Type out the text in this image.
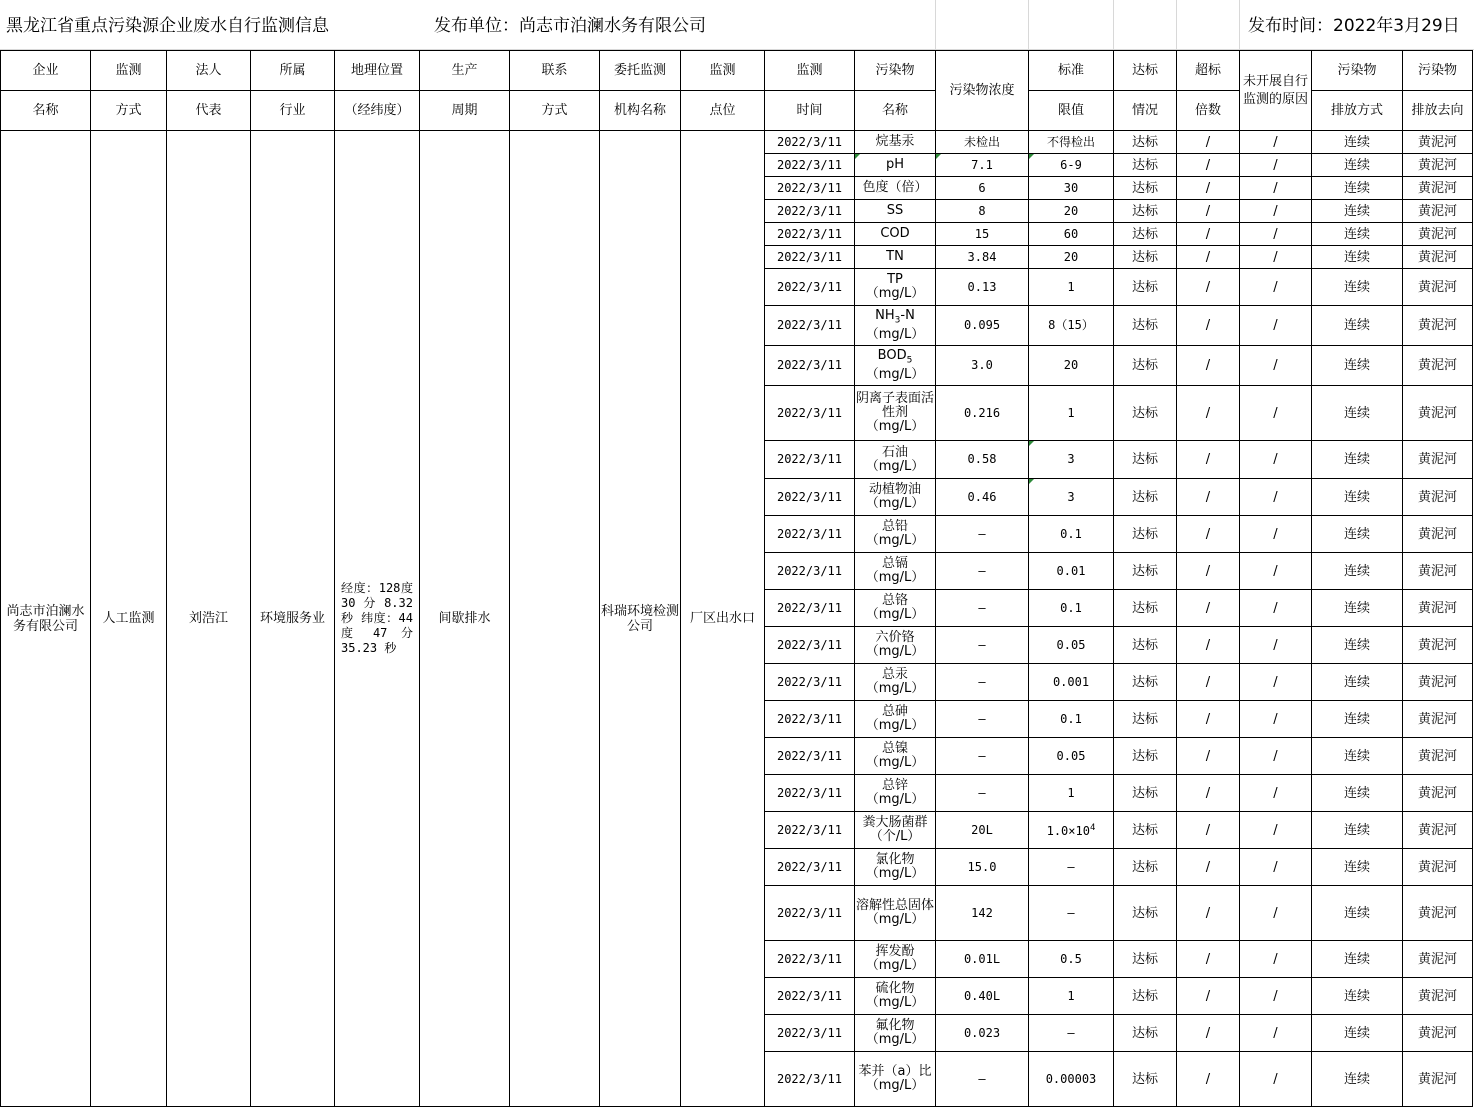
黑龙江省重点污染源企业废水自行监测信息	发布单位：尚志市泊澜水务有限公司	发布时间：2022年3月29日
企业	监测	法人	所属	地理位置	生产	联系	委托监测	监测	监测	污染物	污染物浓度	标准	达标	超标	未开展自行监测的原因	污染物	污染物
名称	方式	代表	行业	（经纬度）	周期	方式	机构名称	点位	时间	名称		限值	情况	倍数		排放方式	排放去向
尚志市泊澜水务有限公司	人工监测	刘浩江	环境服务业	经度：128度 30 分 8.32 秒 纬度：44度 47 分 35.23 秒	间歇排水		科瑞环境检测公司	厂区出水口	2022/3/11	烷基汞	未检出	不得检出	达标	/	/	连续	黄泥河
									2022/3/11	pH	7.1	6-9	达标	/	/	连续	黄泥河
									2022/3/11	色度（倍）	6	30	达标	/	/	连续	黄泥河
									2022/3/11	SS	8	20	达标	/	/	连续	黄泥河
									2022/3/11	COD	15	60	达标	/	/	连续	黄泥河
									2022/3/11	TN	3.84	20	达标	/	/	连续	黄泥河
									2022/3/11	TP
（mg/L）	0.13	1	达标	/	/	连续	黄泥河
									2022/3/11	$NH_3-N$
（mg/L）	0.095	8（15）	达标	/	/	连续	黄泥河
									2022/3/11	$BOD_5$
（mg/L）	3.0	20	达标	/	/	连续	黄泥河
									2022/3/11	阴离子表面活性剂
（mg/L）	0.216	1	达标	/	/	连续	黄泥河
									2022/3/11	石油
（mg/L）	0.58	3	达标	/	/	连续	黄泥河
									2022/3/11	动植物油
（mg/L）	0.46	3	达标	/	/	连续	黄泥河
									2022/3/11	总铅
（mg/L）	–	0.1	达标	/	/	连续	黄泥河
									2022/3/11	总镉
（mg/L）	–	0.01	达标	/	/	连续	黄泥河
									2022/3/11	总铬
（mg/L）	–	0.1	达标	/	/	连续	黄泥河
									2022/3/11	六价铬
（mg/L）	–	0.05	达标	/	/	连续	黄泥河
									2022/3/11	总汞
（mg/L）	–	0.001	达标	/	/	连续	黄泥河
									2022/3/11	总砷
（mg/L）	–	0.1	达标	/	/	连续	黄泥河
									2022/3/11	总镍
（mg/L）	–	0.05	达标	/	/	连续	黄泥河
									2022/3/11	总锌
（mg/L）	–	1	达标	/	/	连续	黄泥河
									2022/3/11	粪大肠菌群
（个/L）	20L	$1.0\times 10^4$	达标	/	/	连续	黄泥河
									2022/3/11	氯化物
（mg/L）	15.0	—	达标	/	/	连续	黄泥河
									2022/3/11	溶解性总固体
（mg/L）	142	—	达标	/	/	连续	黄泥河
									2022/3/11	挥发酚
（mg/L）	0.01L	0.5	达标	/	/	连续	黄泥河
									2022/3/11	硫化物
（mg/L）	0.40L	1	达标	/	/	连续	黄泥河
									2022/3/11	氟化物
（mg/L）	0.023	—	达标	/	/	连续	黄泥河
									2022/3/11	苯并（a）比
（mg/L）	–	0.00003	达标	/	/	连续	黄泥河
